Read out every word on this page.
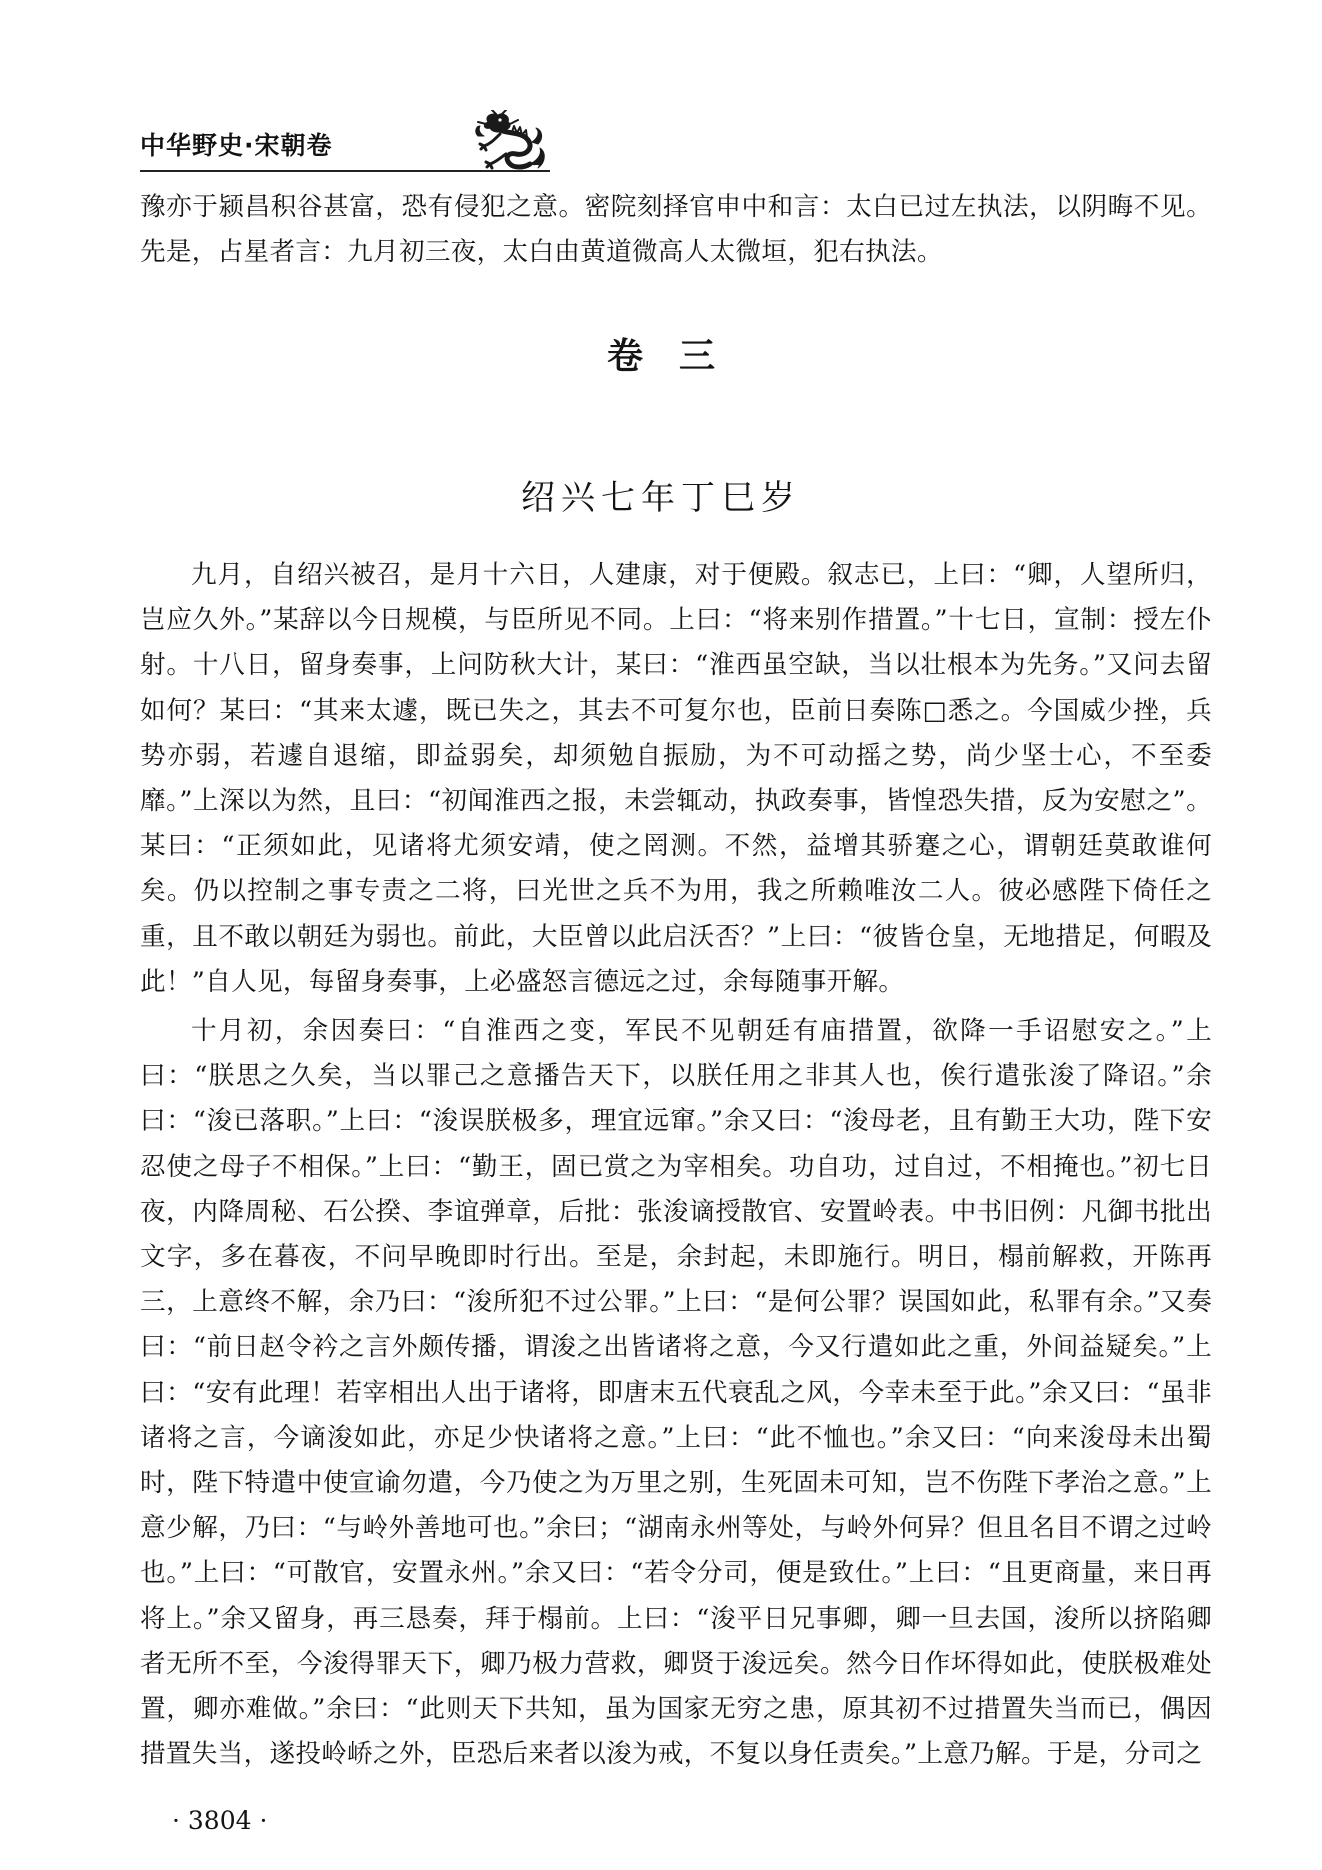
中华野史·宋朝卷

豫亦于颍昌积谷甚富，恐有侵犯之意。密院刻择官申中和言：太白已过左执法，以阴晦不见。先是，占星者言：九月初三夜，太白由黄道微高人太微垣，犯右执法。

卷三
绍兴七年丁巳岁

九月，自绍兴被召，是月十六日，人建康，对于便殿。叙志已，上曰：“卿，人望所归，岂应久外。”某辞以今日规模，与臣所见不同。上曰：“将来别作措置。”十七日，宣制：授左仆射。十八日，留身奏事，上问防秋大计，某曰：“淮西虽空缺，当以壮根本为先务。”又问去留如何？某曰：“其来太遽，既已失之，其去不可复尔也，臣前日奏陈□悉之。今国威少挫，兵势亦弱，若遽自退缩，即益弱矣，却须勉自振励，为不可动摇之势，尚少坚士心，不至委靡。”上深以为然，且曰：“初闻淮西之报，未尝辄动，执政奏事，皆惶恐失措，反为安慰之”。某曰：“正须如此，见诸将尤须安靖，使之罔测。不然，益增其骄蹇之心，谓朝廷莫敢谁何矣。仍以控制之事专责之二将，曰光世之兵不为用，我之所赖唯汝二人。彼必感陛下倚任之重，且不敢以朝廷为弱也。前此，大臣曾以此启沃否？”上曰：“彼皆仓皇，无地措足，何暇及此！”自人见，每留身奏事，上必盛怒言德远之过，余每随事开解。

十月初，余因奏曰：“自淮西之变，军民不见朝廷有庙措置，欲降一手诏慰安之。”上曰：“朕思之久矣，当以罪己之意播告天下，以朕任用之非其人也，俟行遣张浚了降诏。”余曰：“浚已落职。”上曰：“浚误朕极多，理宜远窜。”余又曰：“浚母老，且有勤王大功，陛下安忍使之母子不相保。”上曰：“勤王，固已赏之为宰相矣。功自功，过自过，不相掩也。”初七日夜，内降周秘、石公揆、李谊弹章，后批：张浚谪授散官、安置岭表。中书旧例：凡御书批出文字，多在暮夜，不问早晚即时行出。至是，余封起，未即施行。明日，榻前解救，开陈再三，上意终不解，余乃曰：“浚所犯不过公罪。”上曰：“是何公罪？误国如此，私罪有余。”又奏曰：“前日赵令衿之言外颇传播，谓浚之出皆诸将之意，今又行遣如此之重，外间益疑矣。”上曰：“安有此理！若宰相出人出于诸将，即唐末五代衰乱之风，今幸未至于此。”余又曰：“虽非诸将之言，今谪浚如此，亦足少快诸将之意。”上曰：“此不恤也。”余又曰：“向来浚母未出蜀时，陛下特遣中使宣谕勿遣，今乃使之为万里之别，生死固未可知，岂不伤陛下孝治之意。”上意少解，乃曰：“与岭外善地可也。”余曰；“湖南永州等处，与岭外何异？但且名目不谓之过岭也。”上曰：“可散官，安置永州。”余又曰：“若令分司，便是致仕。”上曰：“且更商量，来日再将上。”余又留身，再三恳奏，拜于榻前。上曰：“浚平日兄事卿，卿一旦去国，浚所以挤陷卿者无所不至，今浚得罪天下，卿乃极力营救，卿贤于浚远矣。然今日作坏得如此，使朕极难处置，卿亦难做。”余曰：“此则天下共知，虽为国家无穷之患，原其初不过措置失当而已，偶因措置失当，遂投岭峤之外，臣恐后来者以浚为戒，不复以身任责矣。”上意乃解。于是，分司之

· 3804 ·
